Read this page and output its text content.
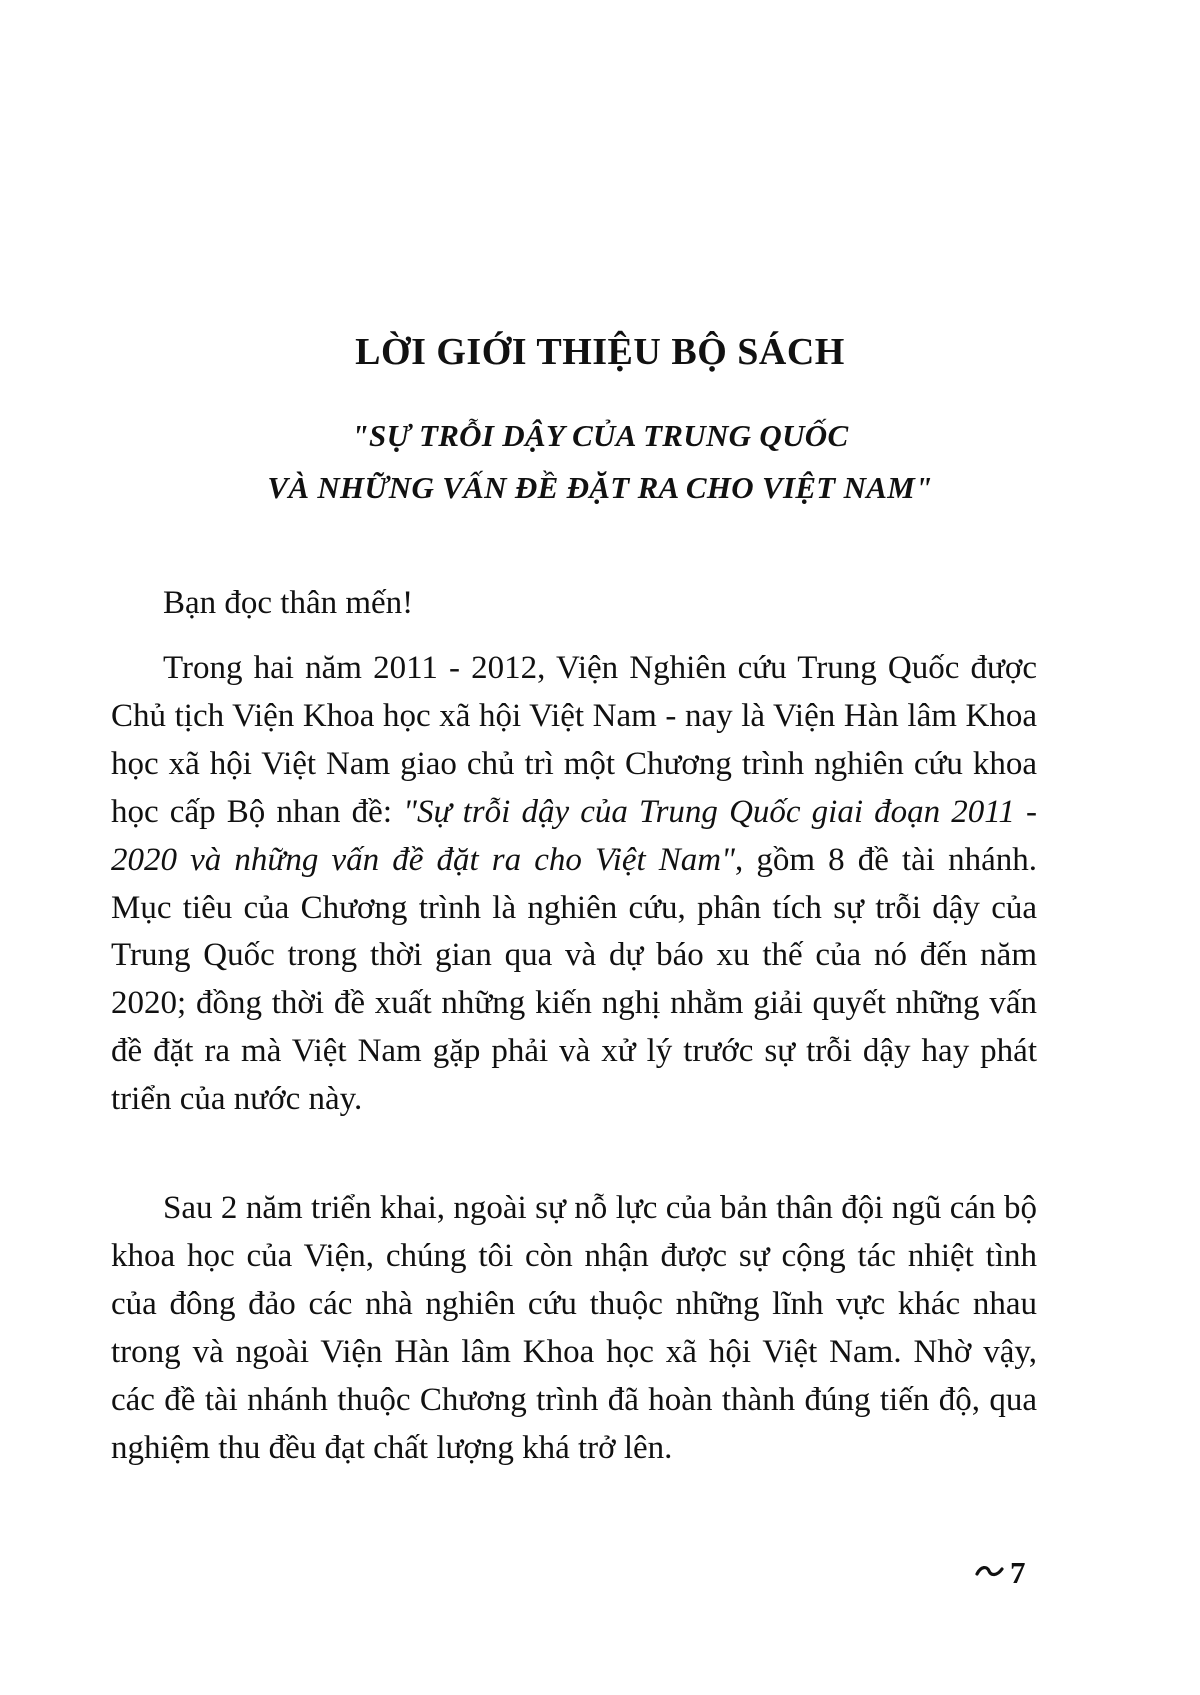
LỜI GIỚI THIỆU BỘ SÁCH
"SỰ TRỖI DẬY CỦA TRUNG QUỐC
VÀ NHỮNG VẤN ĐỀ ĐẶT RA CHO VIỆT NAM"

Bạn đọc thân mến!

Trong hai năm 2011 - 2012, Viện Nghiên cứu Trung Quốc được Chủ tịch Viện Khoa học xã hội Việt Nam - nay là Viện Hàn lâm Khoa học xã hội Việt Nam giao chủ trì một Chương trình nghiên cứu khoa học cấp Bộ nhan đề: "Sự trỗi dậy của Trung Quốc giai đoạn 2011 - 2020 và những vấn đề đặt ra cho Việt Nam", gồm 8 đề tài nhánh. Mục tiêu của Chương trình là nghiên cứu, phân tích sự trỗi dậy của Trung Quốc trong thời gian qua và dự báo xu thế của nó đến năm 2020; đồng thời đề xuất những kiến nghị nhằm giải quyết những vấn đề đặt ra mà Việt Nam gặp phải và xử lý trước sự trỗi dậy hay phát triển của nước này.

Sau 2 năm triển khai, ngoài sự nỗ lực của bản thân đội ngũ cán bộ khoa học của Viện, chúng tôi còn nhận được sự cộng tác nhiệt tình của đông đảo các nhà nghiên cứu thuộc những lĩnh vực khác nhau trong và ngoài Viện Hàn lâm Khoa học xã hội Việt Nam. Nhờ vậy, các đề tài nhánh thuộc Chương trình đã hoàn thành đúng tiến độ, qua nghiệm thu đều đạt chất lượng khá trở lên.

7
